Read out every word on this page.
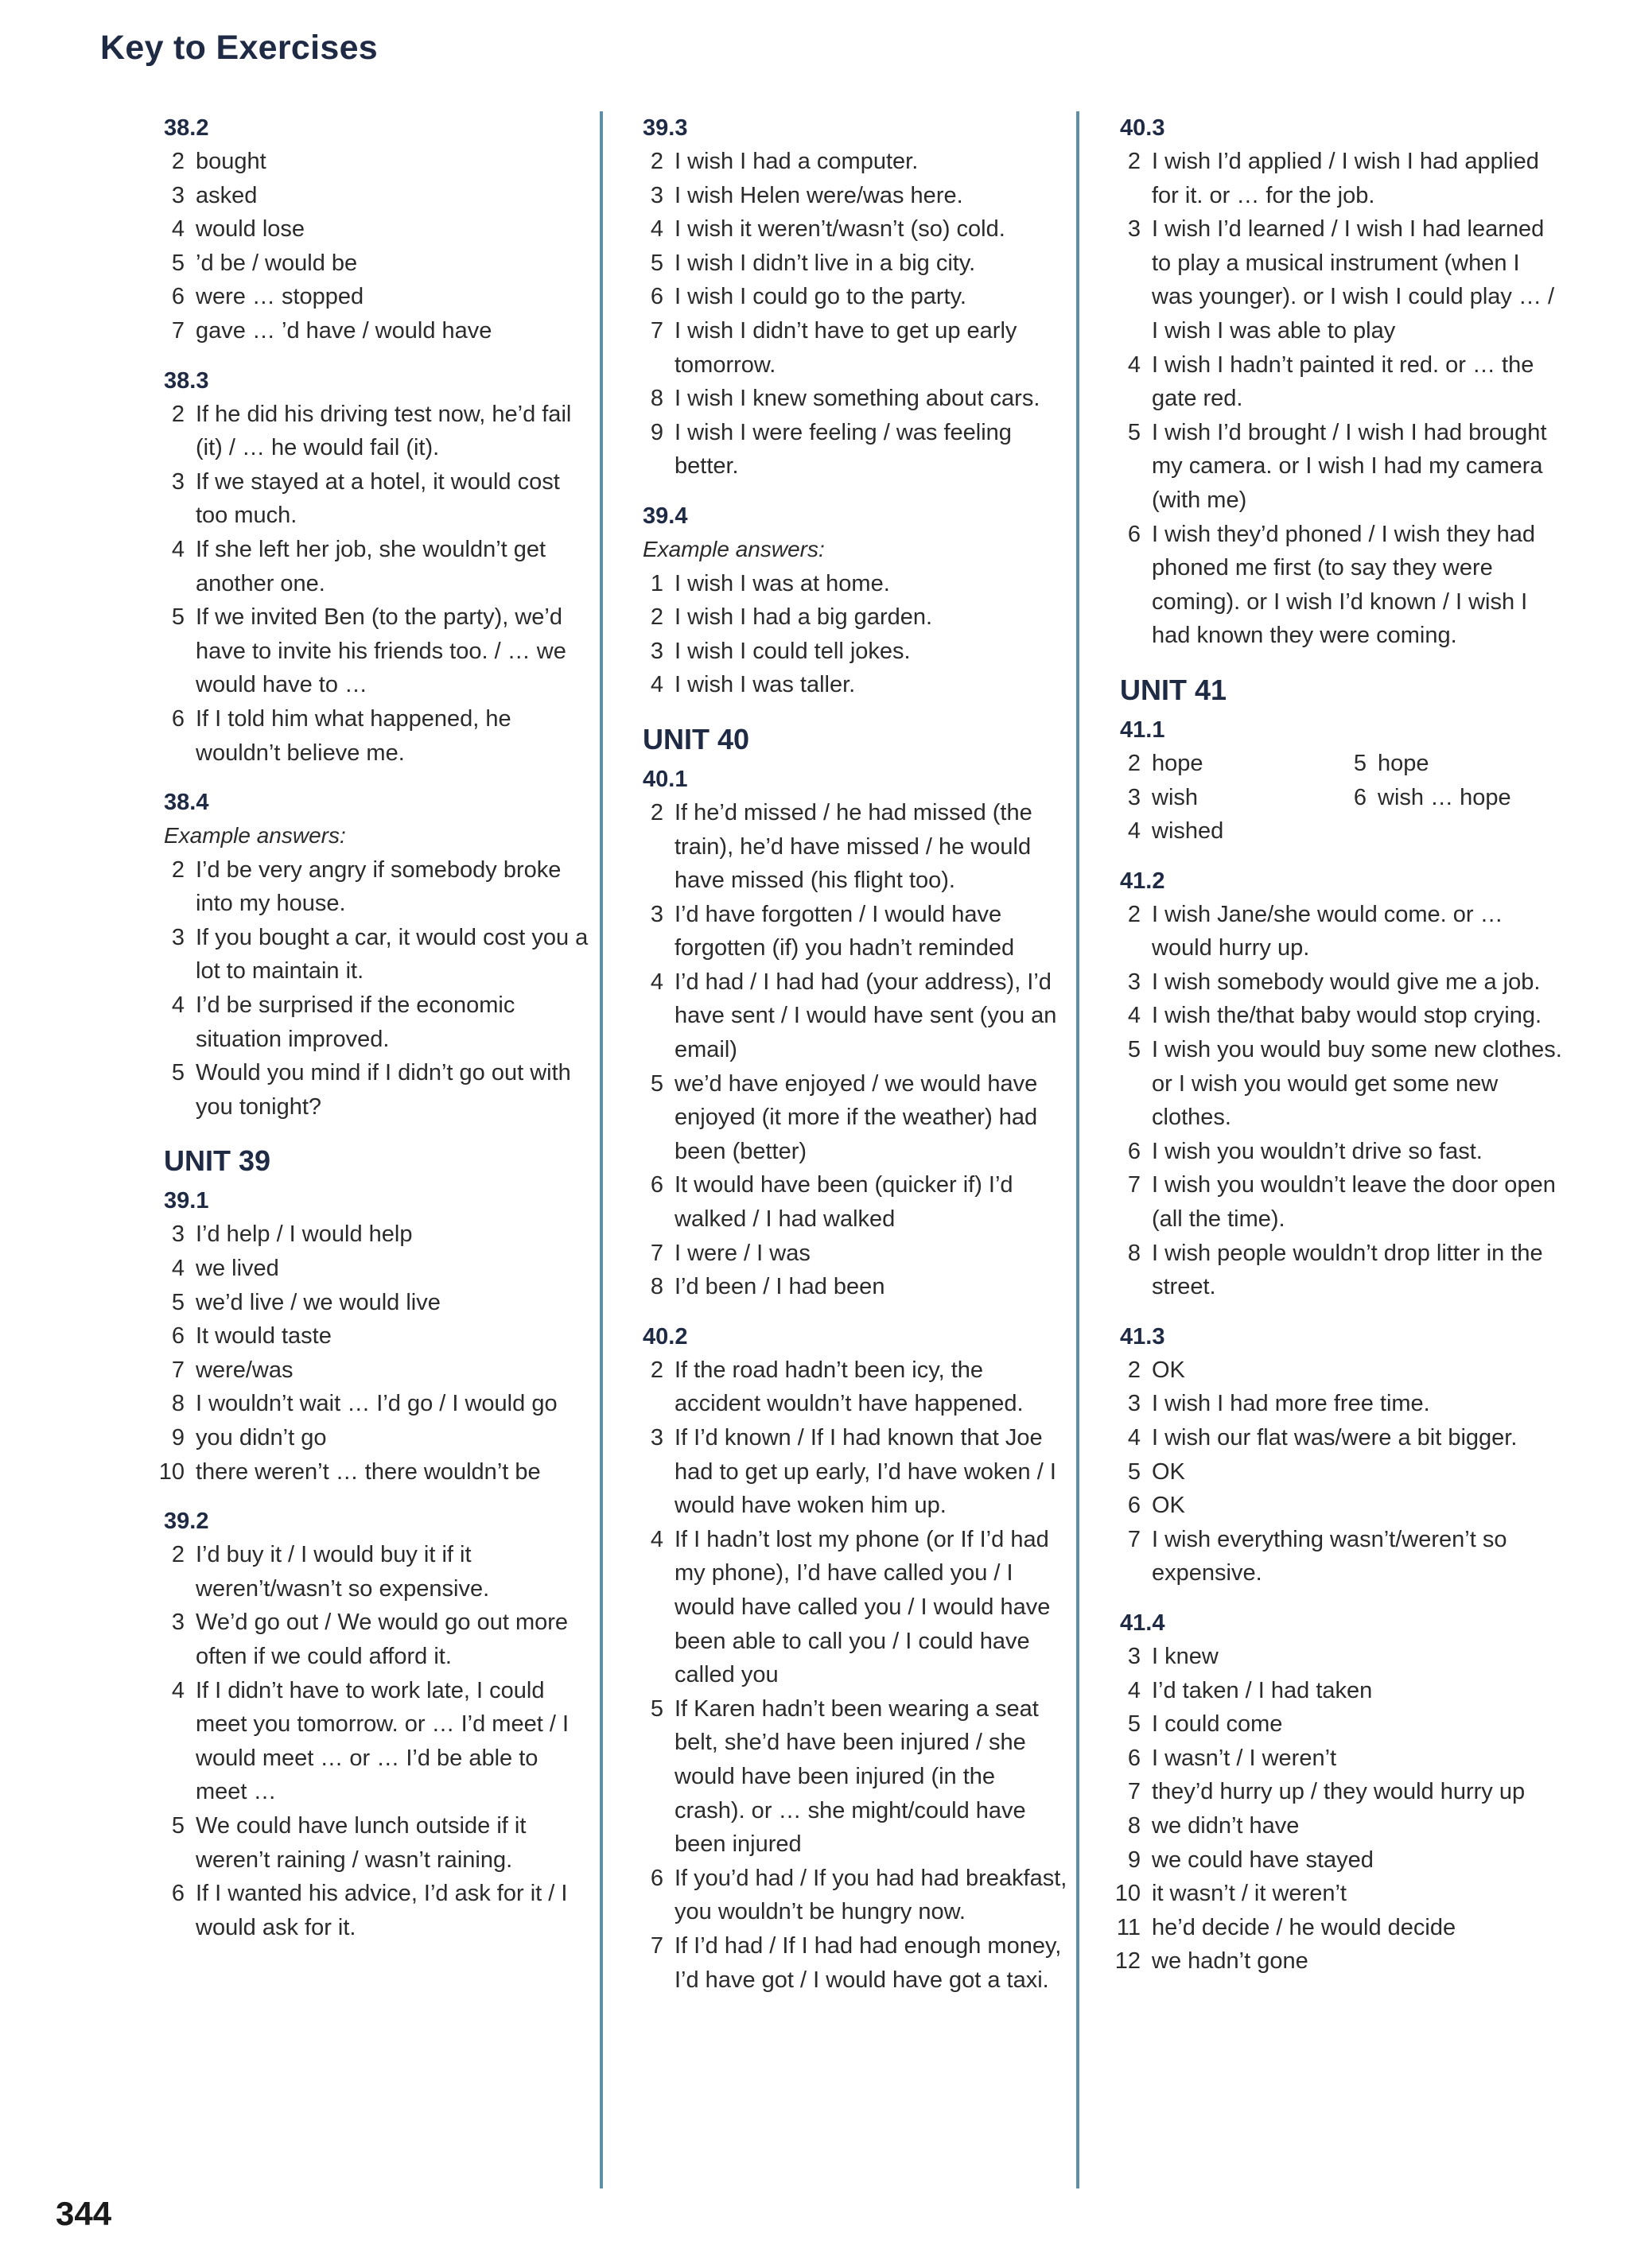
Key to Exercises
38.2
2 bought
3 asked
4 would lose
5 ’d be / would be
6 were … stopped
7 gave … ’d have / would have
38.3
2 If he did his driving test now, he’d fail (it) / … he would fail (it).
3 If we stayed at a hotel, it would cost too much.
4 If she left her job, she wouldn’t get another one.
5 If we invited Ben (to the party), we’d have to invite his friends too. / … we would have to …
6 If I told him what happened, he wouldn’t believe me.
38.4
Example answers:
2 I’d be very angry if somebody broke into my house.
3 If you bought a car, it would cost you a lot to maintain it.
4 I’d be surprised if the economic situation improved.
5 Would you mind if I didn’t go out with you tonight?
UNIT 39
39.1
3 I’d help / I would help
4 we lived
5 we’d live / we would live
6 It would taste
7 were/was
8 I wouldn’t wait … I’d go / I would go
9 you didn’t go
10 there weren’t … there wouldn’t be
39.2
2 I’d buy it / I would buy it if it weren’t/wasn’t so expensive.
3 We’d go out / We would go out more often if we could afford it.
4 If I didn’t have to work late, I could meet you tomorrow. or … I’d meet / I would meet … or … I’d be able to meet …
5 We could have lunch outside if it weren’t raining / wasn’t raining.
6 If I wanted his advice, I’d ask for it / I would ask for it.
39.3
2 I wish I had a computer.
3 I wish Helen were/was here.
4 I wish it weren’t/wasn’t (so) cold.
5 I wish I didn’t live in a big city.
6 I wish I could go to the party.
7 I wish I didn’t have to get up early tomorrow.
8 I wish I knew something about cars.
9 I wish I were feeling / was feeling better.
39.4
Example answers:
1 I wish I was at home.
2 I wish I had a big garden.
3 I wish I could tell jokes.
4 I wish I was taller.
UNIT 40
40.1
2 If he’d missed / he had missed (the train), he’d have missed / he would have missed (his flight too).
3 I’d have forgotten / I would have forgotten (if) you hadn’t reminded
4 I’d had / I had had (your address), I’d have sent / I would have sent (you an email)
5 we’d have enjoyed / we would have enjoyed (it more if the weather) had been (better)
6 It would have been (quicker if) I’d walked / I had walked
7 I were / I was
8 I’d been / I had been
40.2
2 If the road hadn’t been icy, the accident wouldn’t have happened.
3 If I’d known / If I had known that Joe had to get up early, I’d have woken / I would have woken him up.
4 If I hadn’t lost my phone (or If I’d had my phone), I’d have called you / I would have called you / I would have been able to call you / I could have called you
5 If Karen hadn’t been wearing a seat belt, she’d have been injured / she would have been injured (in the crash). or … she might/could have been injured
6 If you’d had / If you had had breakfast, you wouldn’t be hungry now.
7 If I’d had / If I had had enough money, I’d have got / I would have got a taxi.
40.3
2 I wish I’d applied / I wish I had applied for it. or … for the job.
3 I wish I’d learned / I wish I had learned to play a musical instrument (when I was younger). or I wish I could play … / I wish I was able to play
4 I wish I hadn’t painted it red. or … the gate red.
5 I wish I’d brought / I wish I had brought my camera. or I wish I had my camera (with me)
6 I wish they’d phoned / I wish they had phoned me first (to say they were coming). or I wish I’d known / I wish I had known they were coming.
UNIT 41
41.1
2 hope	5 hope
3 wish	6 wish … hope
4 wished
41.2
2 I wish Jane/she would come. or … would hurry up.
3 I wish somebody would give me a job.
4 I wish the/that baby would stop crying.
5 I wish you would buy some new clothes. or I wish you would get some new clothes.
6 I wish you wouldn’t drive so fast.
7 I wish you wouldn’t leave the door open (all the time).
8 I wish people wouldn’t drop litter in the street.
41.3
2 OK
3 I wish I had more free time.
4 I wish our flat was/were a bit bigger.
5 OK
6 OK
7 I wish everything wasn’t/weren’t so expensive.
41.4
3 I knew
4 I’d taken / I had taken
5 I could come
6 I wasn’t / I weren’t
7 they’d hurry up / they would hurry up
8 we didn’t have
9 we could have stayed
10 it wasn’t / it weren’t
11 he’d decide / he would decide
12 we hadn’t gone
344
